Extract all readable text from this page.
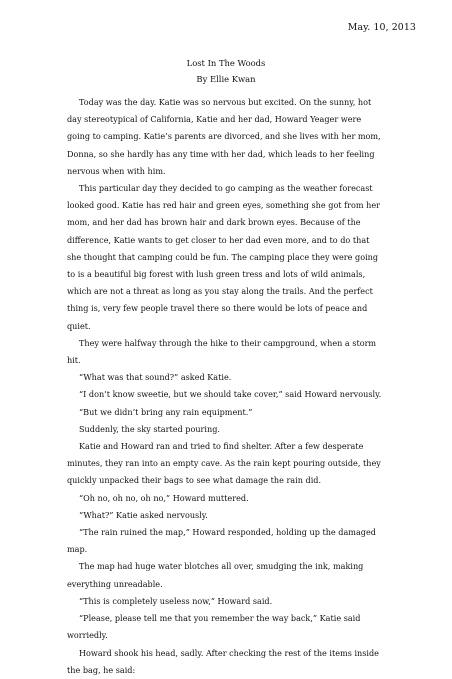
May. 10, 2013
Lost In The Woods
By Ellie Kwan

Today was the day. Katie was so nervous but excited. On the sunny, hot day stereotypical of California, Katie and her dad, Howard Yeager were going to camping. Katie’s parents are divorced, and she lives with her mom, Donna, so she hardly has any time with her dad, which leads to her feeling nervous when with him.

This particular day they decided to go camping as the weather forecast looked good. Katie has red hair and green eyes, something she got from her mom, and her dad has brown hair and dark brown eyes. Because of the difference, Katie wants to get closer to her dad even more, and to do that she thought that camping could be fun. The camping place they were going to is a beautiful big forest with lush green tress and lots of wild animals, which are not a threat as long as you stay along the trails. And the perfect thing is, very few people travel there so there would be lots of peace and quiet.

They were halfway through the hike to their campground, when a storm hit.

“What was that sound?” asked Katie.

“I don’t know sweetie, but we should take cover,” said Howard nervously.

“But we didn’t bring any rain equipment.”

Suddenly, the sky started pouring.

Katie and Howard ran and tried to find shelter. After a few desperate minutes, they ran into an empty cave. As the rain kept pouring outside, they quickly unpacked their bags to see what damage the rain did.

“Oh no, oh no, oh no,” Howard muttered.

“What?” Katie asked nervously.

“The rain ruined the map,” Howard responded, holding up the damaged map.

The map had huge water blotches all over, smudging the ink, making everything unreadable.

“This is completely useless now,” Howard said.

“Please, please tell me that you remember the way back,” Katie said worriedly.

Howard shook his head, sadly. After checking the rest of the items inside the bag, he said:
